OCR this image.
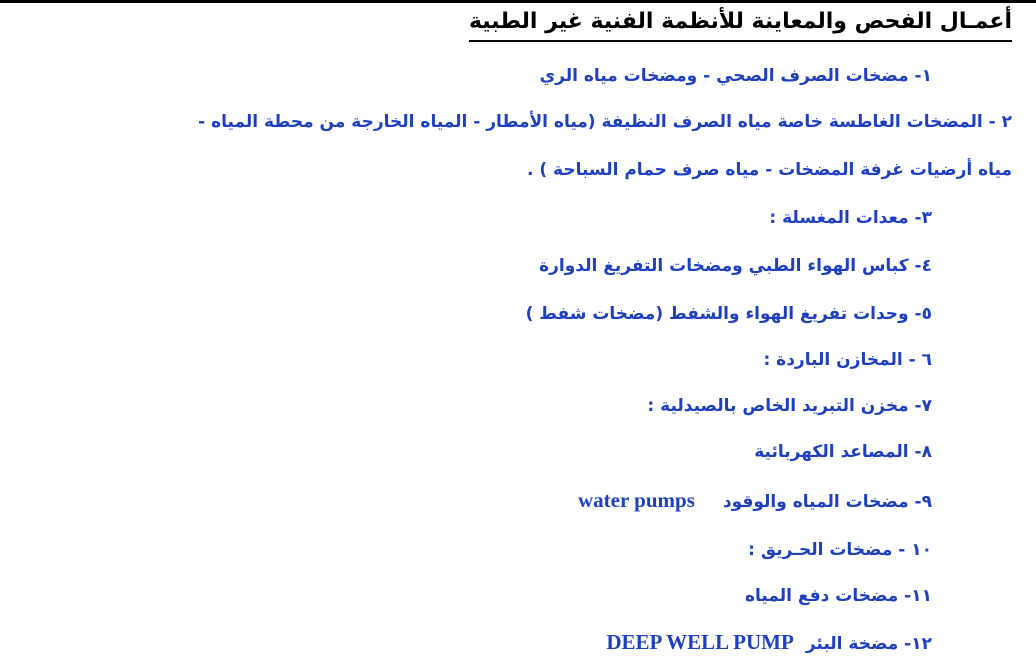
أعمـال الفحص والمعاينة للأنظمة الفنية غير الطبية
١- مضخات الصرف الصحي - ومضخات مياه الري
٢ - المضخات الغاطسة خاصة مياه الصرف النظيفة (مياه الأمطار - المياه الخارجة من محطة المياه -
مياه أرضيات غرفة المضخات - مياه صرف حمام السباحة ) .
٣- معدات المغسلة :
٤- كباس الهواء الطبي ومضخات التفريغ الدوارة
٥- وحدات تفريغ الهواء والشفط (مضخات شفط )
٦ - المخازن الباردة :
٧- مخزن التبريد الخاص بالصيدلية :
٨- المصاعد الكهربائية
٩- مضخات المياه والوقودwater pumps
١٠ - مضخات الحـريق :
١١- مضخات دفع المياه
١٢- مضخة البئرDEEP WELL PUMP
